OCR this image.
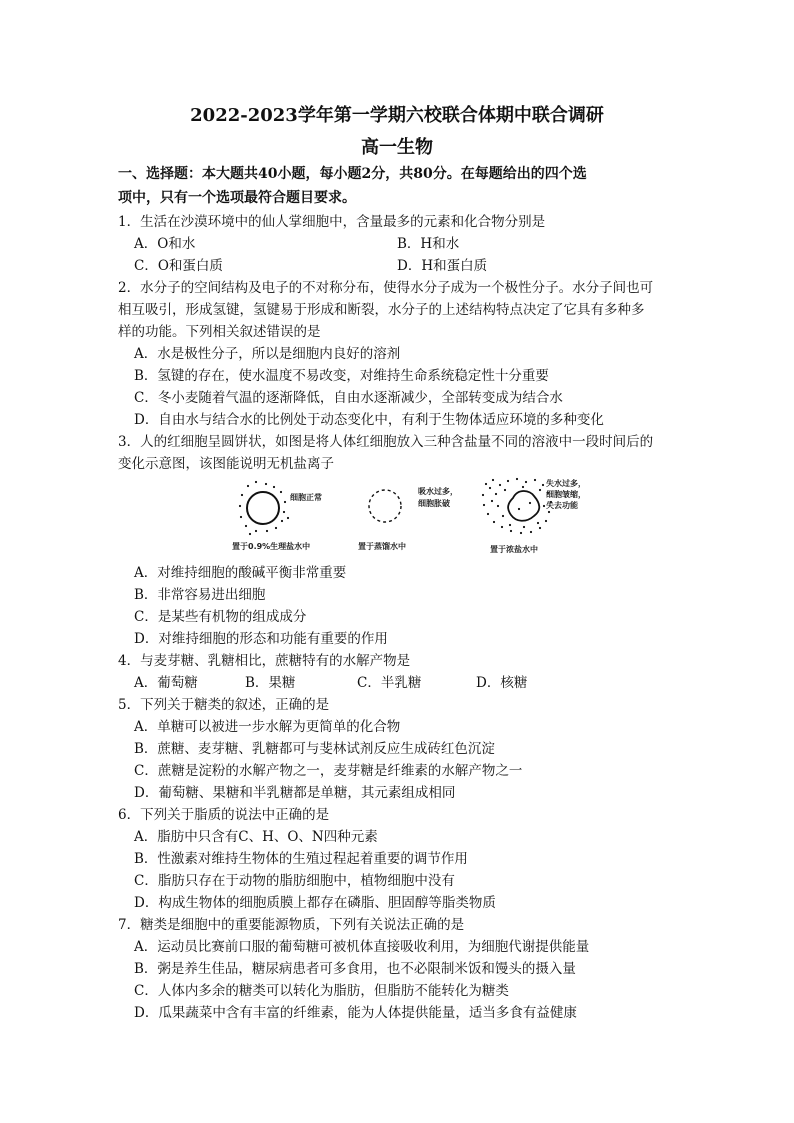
2022-2023学年第一学期六校联合体期中联合调研
高一生物
一、选择题：本大题共40小题，每小题2分，共80分。在每题给出的四个选
项中，只有一个选项最符合题目要求。
1．生活在沙漠环境中的仙人掌细胞中，含量最多的元素和化合物分别是
A．O和水	B．H和水
C．O和蛋白质	D．H和蛋白质
2．水分子的空间结构及电子的不对称分布，使得水分子成为一个极性分子。水分子间也可
相互吸引，形成氢键，氢键易于形成和断裂，水分子的上述结构特点决定了它具有多种多
样的功能。下列相关叙述错误的是
A．水是极性分子，所以是细胞内良好的溶剂
B．氢键的存在，使水温度不易改变，对维持生命系统稳定性十分重要
C．冬小麦随着气温的逐渐降低，自由水逐渐减少，全部转变成为结合水
D．自由水与结合水的比例处于动态变化中，有利于生物体适应环境的多种变化
3．人的红细胞呈圆饼状，如图是将人体红细胞放入三种含盐量不同的溶液中一段时间后的
变化示意图，该图能说明无机盐离子
细胞正常
置于0.9%生理盐水中
吸水过多，
细胞胀破
置于蒸馏水中
失水过多，
细胞皱缩，
失去功能
置于浓盐水中
A．对维持细胞的酸碱平衡非常重要
B．非常容易进出细胞
C．是某些有机物的组成成分
D．对维持细胞的形态和功能有重要的作用
4．与麦芽糖、乳糖相比，蔗糖特有的水解产物是
A．葡萄糖	B．果糖	C．半乳糖	D．核糖
5．下列关于糖类的叙述，正确的是
A．单糖可以被进一步水解为更简单的化合物
B．蔗糖、麦芽糖、乳糖都可与斐林试剂反应生成砖红色沉淀
C．蔗糖是淀粉的水解产物之一，麦芽糖是纤维素的水解产物之一
D．葡萄糖、果糖和半乳糖都是单糖，其元素组成相同
6．下列关于脂质的说法中正确的是
A．脂肪中只含有C、H、O、N四种元素
B．性激素对维持生物体的生殖过程起着重要的调节作用
C．脂肪只存在于动物的脂肪细胞中，植物细胞中没有
D．构成生物体的细胞质膜上都存在磷脂、胆固醇等脂类物质
7．糖类是细胞中的重要能源物质，下列有关说法正确的是
A．运动员比赛前口服的葡萄糖可被机体直接吸收利用，为细胞代谢提供能量
B．粥是养生佳品，糖尿病患者可多食用，也不必限制米饭和馒头的摄入量
C．人体内多余的糖类可以转化为脂肪，但脂肪不能转化为糖类
D．瓜果蔬菜中含有丰富的纤维素，能为人体提供能量，适当多食有益健康
